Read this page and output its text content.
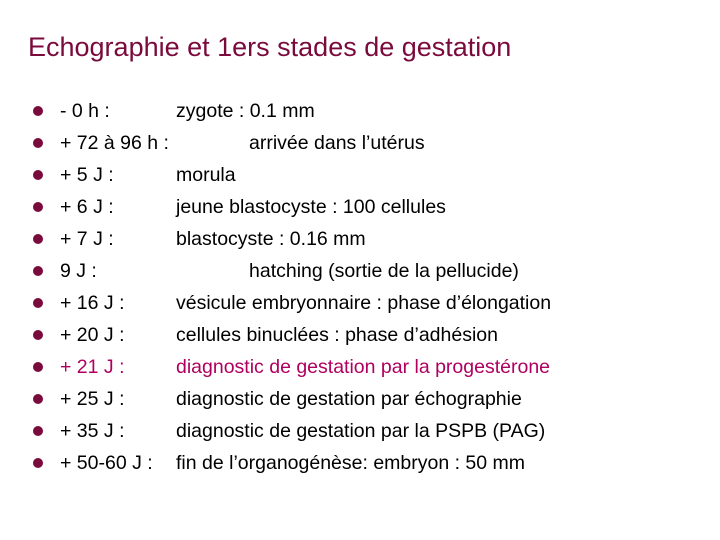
Echographie et 1ers stades de gestation
- 0 h :	zygote : 0.1 mm
+ 72 à 96 h :	arrivée dans l’utérus
+ 5 J :	morula
+ 6 J :	jeune blastocyste : 100 cellules
+ 7 J :	blastocyste : 0.16 mm
9 J :	hatching (sortie de la pellucide)
+ 16 J :	vésicule embryonnaire : phase d’élongation
+ 20 J :	cellules binuclées : phase d’adhésion
+ 21 J :	diagnostic de gestation par la progestérone
+ 25 J :	diagnostic de gestation par échographie
+ 35 J :	diagnostic de gestation par la PSPB (PAG)
+ 50-60 J : fin de l’organogénèse: embryon : 50 mm
